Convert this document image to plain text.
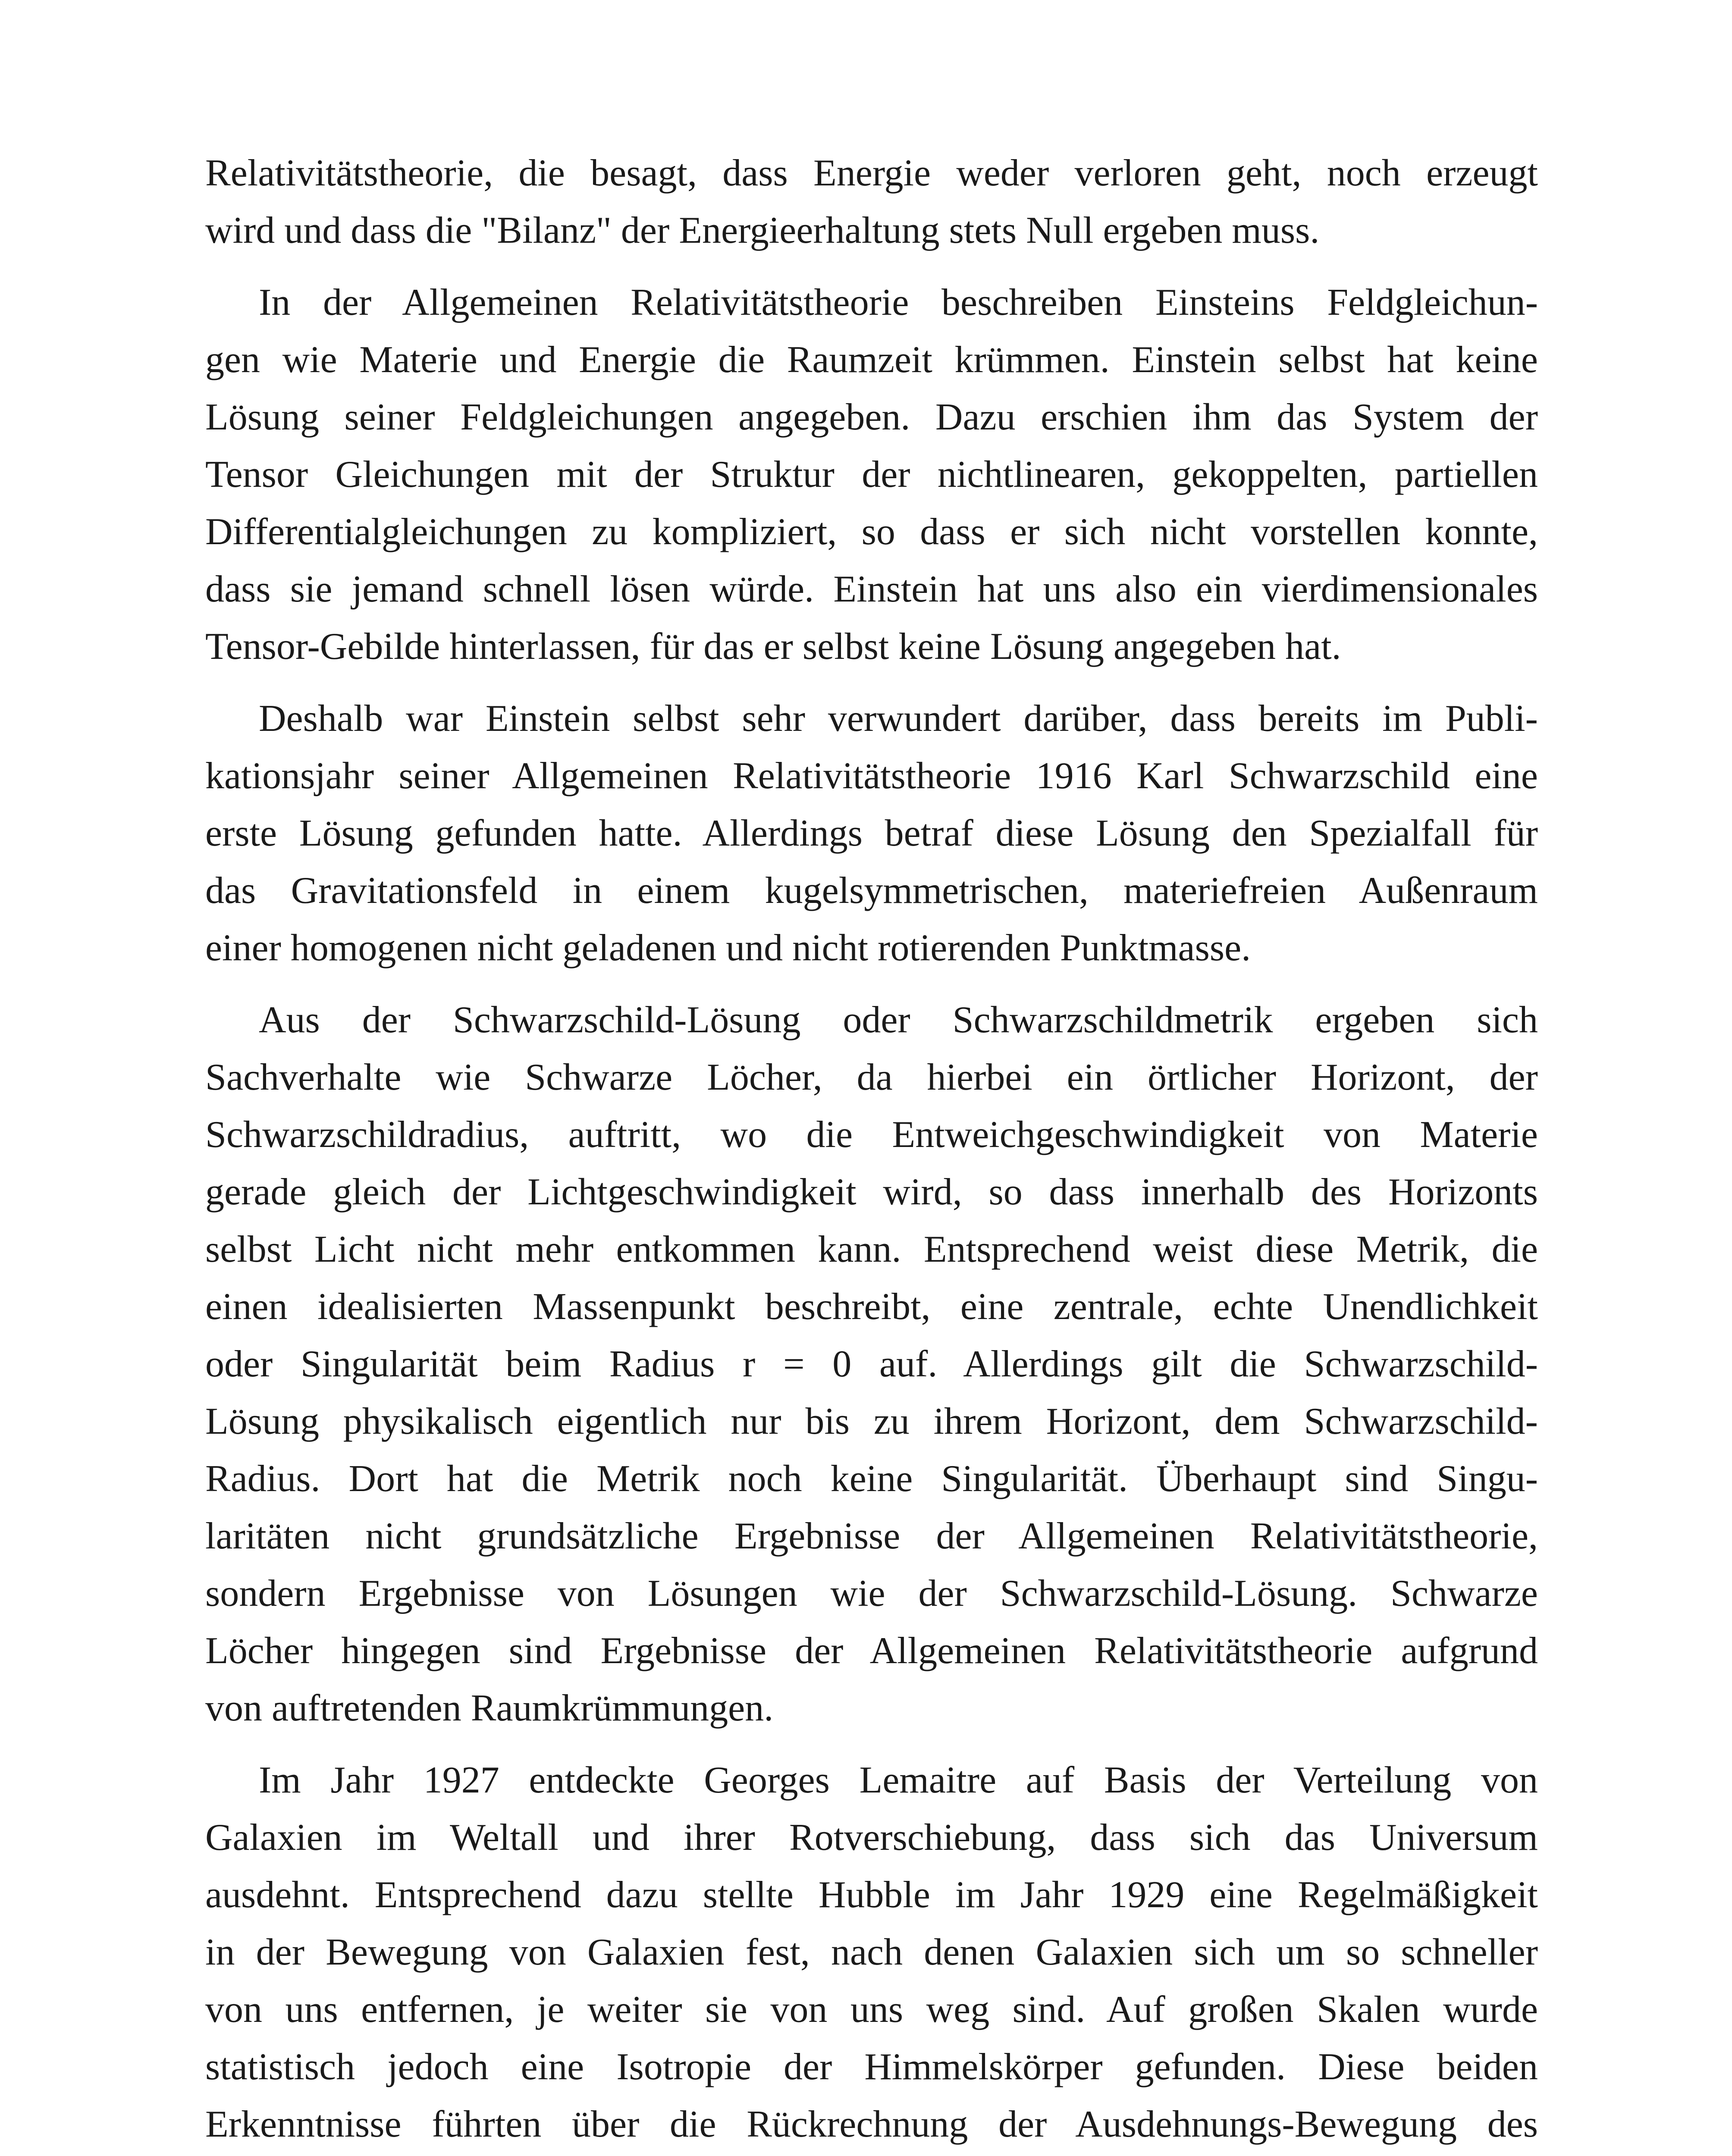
Relativitätstheorie, die besagt, dass Energie weder verloren geht, noch erzeugt
wird und dass die "Bilanz" der Energieerhaltung stets Null ergeben muss.
In der Allgemeinen Relativitätstheorie beschreiben Einsteins Feldgleichun-
gen wie Materie und Energie die Raumzeit krümmen. Einstein selbst hat keine
Lösung seiner Feldgleichungen angegeben. Dazu erschien ihm das System der
Tensor Gleichungen mit der Struktur der nichtlinearen, gekoppelten, partiellen
Differentialgleichungen zu kompliziert, so dass er sich nicht vorstellen konnte,
dass sie jemand schnell lösen würde. Einstein hat uns also ein vierdimensionales
Tensor-Gebilde hinterlassen, für das er selbst keine Lösung angegeben hat.
Deshalb war Einstein selbst sehr verwundert darüber, dass bereits im Publi-
kationsjahr seiner Allgemeinen Relativitätstheorie 1916 Karl Schwarzschild eine
erste Lösung gefunden hatte. Allerdings betraf diese Lösung den Spezialfall für
das Gravitationsfeld in einem kugelsymmetrischen, materiefreien Außenraum
einer homogenen nicht geladenen und nicht rotierenden Punktmasse.
Aus der Schwarzschild-Lösung oder Schwarzschildmetrik ergeben sich
Sachverhalte wie Schwarze Löcher, da hierbei ein örtlicher Horizont, der
Schwarzschildradius, auftritt, wo die Entweichgeschwindigkeit von Materie
gerade gleich der Lichtgeschwindigkeit wird, so dass innerhalb des Horizonts
selbst Licht nicht mehr entkommen kann. Entsprechend weist diese Metrik, die
einen idealisierten Massenpunkt beschreibt, eine zentrale, echte Unendlichkeit
oder Singularität beim Radius r = 0 auf. Allerdings gilt die Schwarzschild-
Lösung physikalisch eigentlich nur bis zu ihrem Horizont, dem Schwarzschild-
Radius. Dort hat die Metrik noch keine Singularität. Überhaupt sind Singu-
laritäten nicht grundsätzliche Ergebnisse der Allgemeinen Relativitätstheorie,
sondern Ergebnisse von Lösungen wie der Schwarzschild-Lösung. Schwarze
Löcher hingegen sind Ergebnisse der Allgemeinen Relativitätstheorie aufgrund
von auftretenden Raumkrümmungen.
Im Jahr 1927 entdeckte Georges Lemaitre auf Basis der Verteilung von
Galaxien im Weltall und ihrer Rotverschiebung, dass sich das Universum
ausdehnt. Entsprechend dazu stellte Hubble im Jahr 1929 eine Regelmäßigkeit
in der Bewegung von Galaxien fest, nach denen Galaxien sich um so schneller
von uns entfernen, je weiter sie von uns weg sind. Auf großen Skalen wurde
statistisch jedoch eine Isotropie der Himmelskörper gefunden. Diese beiden
Erkenntnisse führten über die Rückrechnung der Ausdehnungs-Bewegung des
